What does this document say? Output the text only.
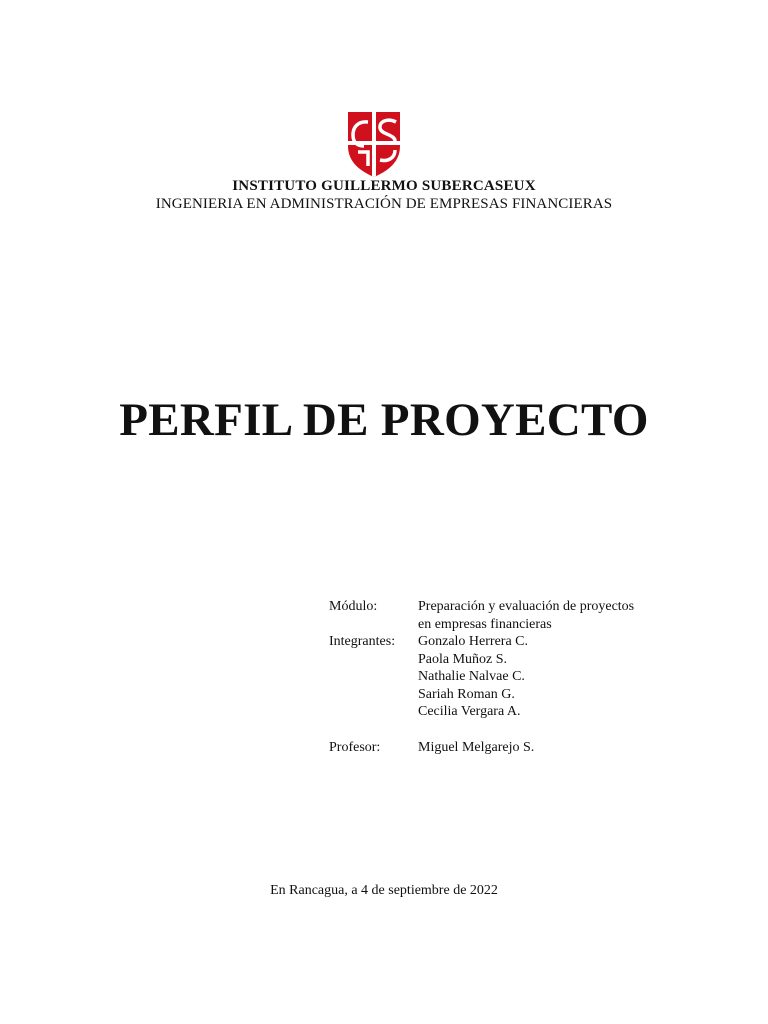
INSTITUTO GUILLERMO SUBERCASEUX
INGENIERIA EN ADMINISTRACIÓN DE EMPRESAS FINANCIERAS
PERFIL DE PROYECTO
Módulo:	Preparación y evaluación de proyectos
en empresas financieras
Integrantes:	Gonzalo Herrera C.
Paola Muñoz S.
Nathalie Nalvae C.
Sariah Roman G.
Cecilia Vergara A.
Profesor:	Miguel Melgarejo S.
En Rancagua, a 4 de septiembre de 2022
